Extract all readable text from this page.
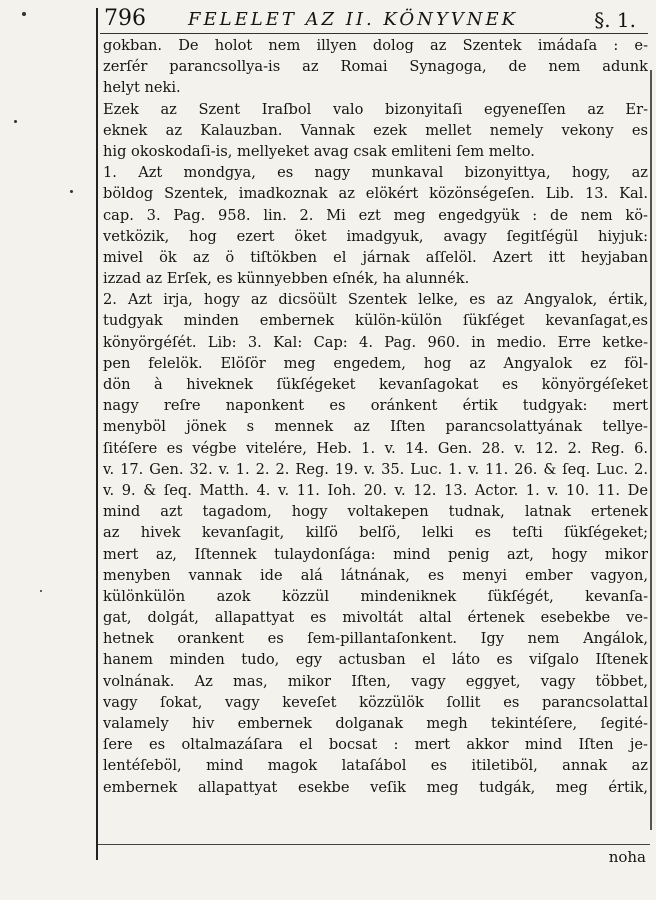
796 FELELET AZ II. KÖNYVNEK	§. 1.
gokban. De holot nem illyen dolog az Szentek imádaſa : e-
zerſér parancsollya-is az Romai Synagoga, de nem adunk
helyt neki.
Ezek az Szent Iraſbol valo bizonyitaſi egyeneſſen az Er-
eknek az Kalauzban. Vannak ezek mellet nemely vekony es
hig okoskodaſi-is, mellyeket avag csak emliteni ſem melto.
1. Azt mondgya, es nagy munkaval bizonyittya, hogy, az
böldog Szentek, imadkoznak az elökért közönségeſen. Lib. 13. Kal.
cap. 3. Pag. 958. lin. 2. Mi ezt meg engedgyük : de nem kö-
vetközik, hog ezert öket imadgyuk, avagy ſegitſégül hiyjuk:
mivel ök az ö tiſtökben el járnak aſſelöl. Azert itt heyjaban
izzad az Erſek, es künnyebben eſnék, ha alunnék.
2. Azt irja, hogy az dicsöült Szentek lelke, es az Angyalok, értik,
tudgyak minden embernek külön-külön ſükſéget kevanſagat,es
könyörgéſét. Lib: 3. Kal: Cap: 4. Pag. 960. in medio. Erre ketke-
pen felelök. Elöſör meg engedem, hog az Angyalok ez föl-
dön à hiveknek ſükſégeket kevanſagokat es könyörgéſeket
nagy reſre naponkent es oránkent értik tudgyak: mert
menyböl jönek s mennek az Iſten parancsolattyának tellye-
ſitéſere es végbe vitelére, Heb. 1. v. 14. Gen. 28. v. 12. 2. Reg. 6.
v. 17. Gen. 32. v. 1. 2. 2. Reg. 19. v. 35. Luc. 1. v. 11. 26. & ſeq. Luc. 2.
v. 9. & ſeq. Matth. 4. v. 11. Ioh. 20. v. 12. 13. Actor. 1. v. 10. 11. De
mind azt tagadom, hogy voltakepen tudnak, latnak ertenek
az hivek kevanſagit, kilſö belſö, lelki es teſti ſükſégeket;
mert az, Iſtennek tulaydonſága: mind penig azt, hogy mikor
menyben vannak ide alá látnának, es menyi ember vagyon,
különkülön azok közzül mindeniknek ſükſégét, kevanſa-
gat, dolgát, allapattyat es mivoltát altal értenek esebekbe ve-
hetnek orankent es ſem-pillantaſonkent. Igy nem Angálok,
hanem minden tudo, egy actusban el láto es viſgalo Iſtenek
volnának. Az mas, mikor Iſten, vagy eggyet, vagy többet,
vagy ſokat, vagy keveſet közzülök ſollit es parancsolattal
valamely hiv embernek dolganak megh tekintéſere, ſegité-
ſere es oltalmazáſara el bocsat : mert akkor mind Iſten je-
lentéſeböl, mind magok lataſábol es itiletiböl, annak az
embernek allapattyat esekbe veſik meg tudgák, meg értik,
noha
